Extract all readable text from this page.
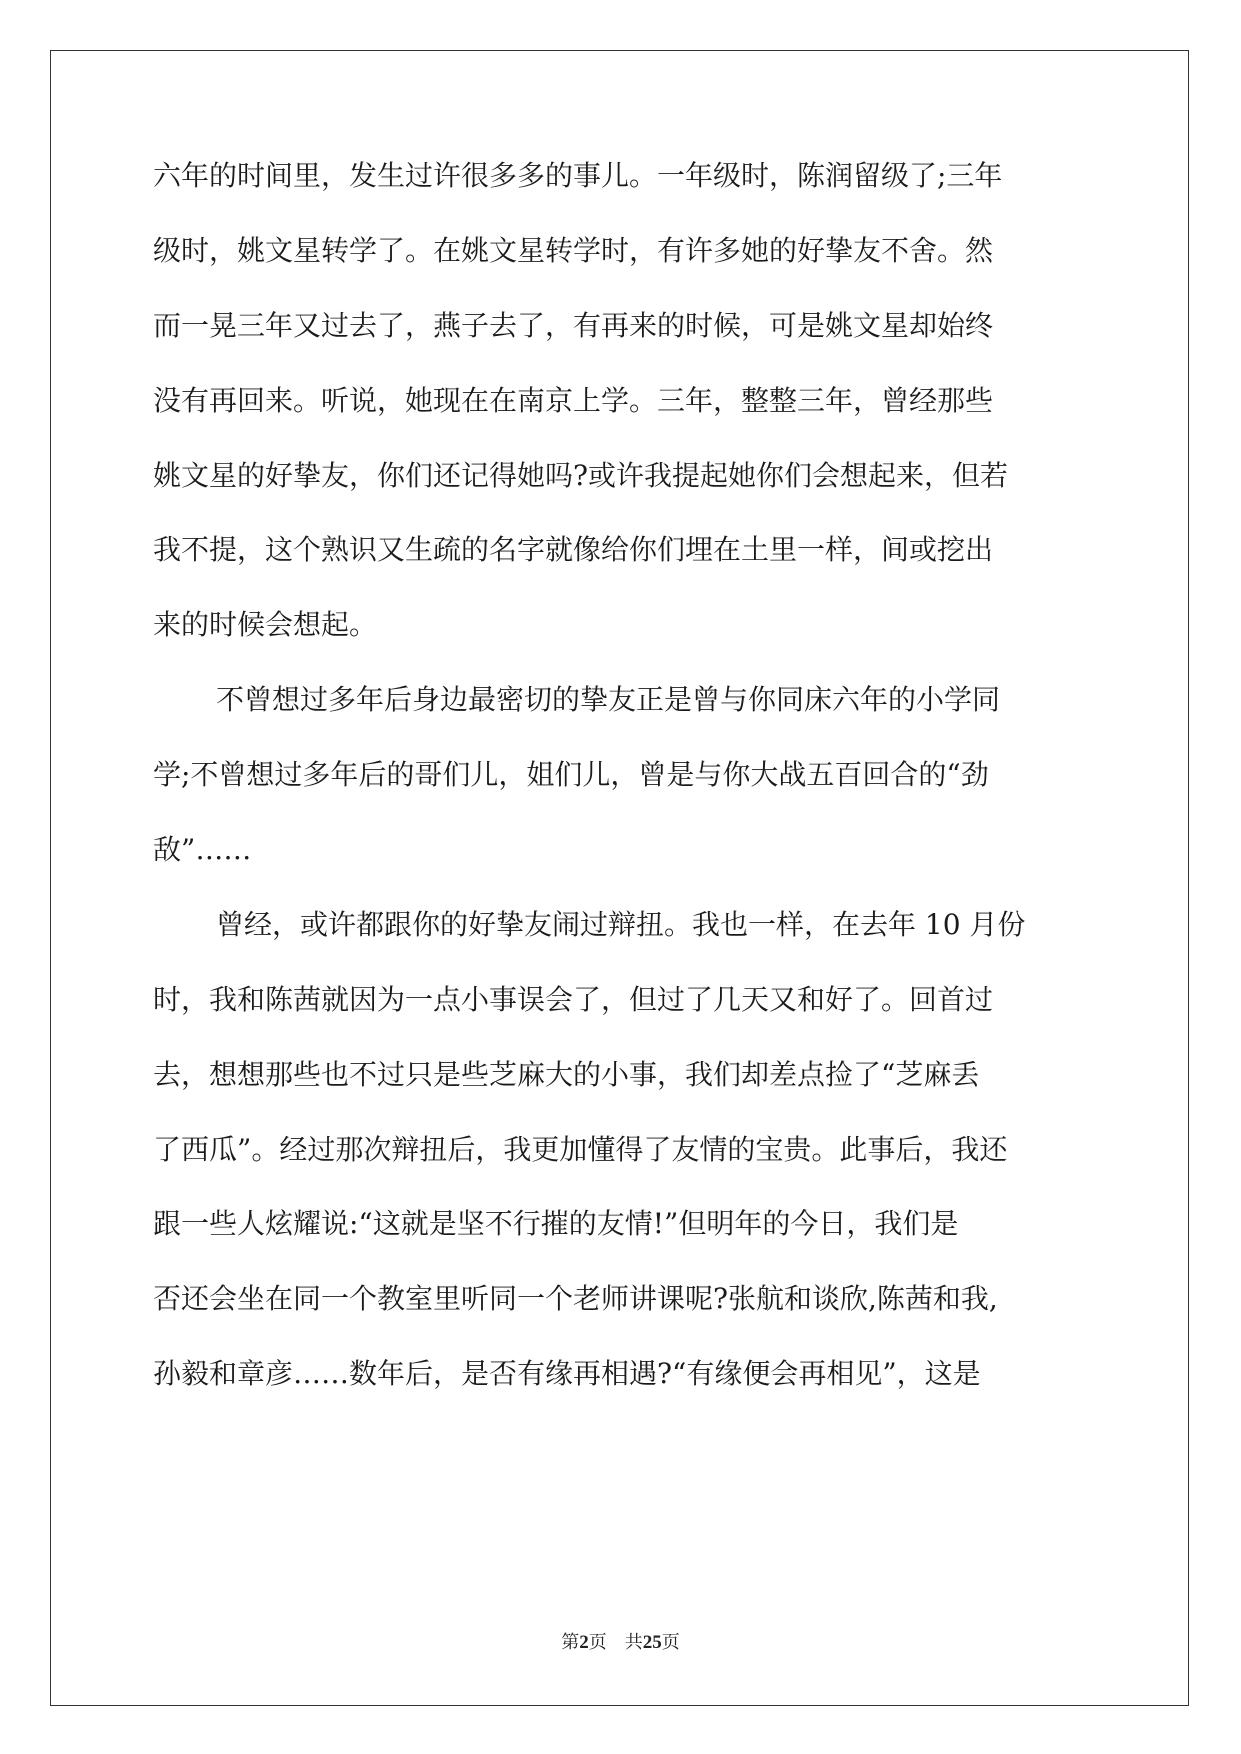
六年的时间里，发生过许很多多的事儿。一年级时，陈润留级了;三年
级时，姚文星转学了。在姚文星转学时，有许多她的好挚友不舍。然
而一晃三年又过去了，燕子去了，有再来的时候，可是姚文星却始终
没有再回来。听说，她现在在南京上学。三年，整整三年，曾经那些
姚文星的好挚友，你们还记得她吗?或许我提起她你们会想起来，但若
我不提，这个熟识又生疏的名字就像给你们埋在土里一样，间或挖出
来的时候会想起。
不曾想过多年后身边最密切的挚友正是曾与你同床六年的小学同
学;不曾想过多年后的哥们儿，姐们儿，曾是与你大战五百回合的“劲
敌”……
曾经，或许都跟你的好挚友闹过辩扭。我也一样，在去年 10 月份
时，我和陈茜就因为一点小事误会了，但过了几天又和好了。回首过
去，想想那些也不过只是些芝麻大的小事，我们却差点捡了“芝麻丢
了西瓜”。经过那次辩扭后，我更加懂得了友情的宝贵。此事后，我还
跟一些人炫耀说:“这就是坚不行摧的友情!”但明年的今日，我们是
否还会坐在同一个教室里听同一个老师讲课呢?张航和谈欣,陈茜和我,
孙毅和章彦……数年后，是否有缘再相遇?“有缘便会再相见”，这是
第2页　共25页
